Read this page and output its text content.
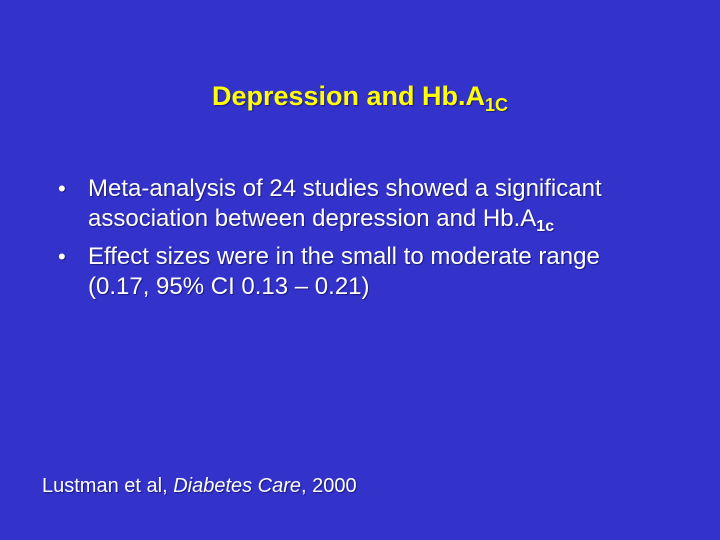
Depression and $Hb.A_{1C}$
• Meta-analysis of 24 studies showed a significant association between depression and $Hb.A_{1c}$
• Effect sizes were in the small to moderate range (0.17, 95% CI 0.13 – 0.21)
Lustman et al, Diabetes Care, 2000
